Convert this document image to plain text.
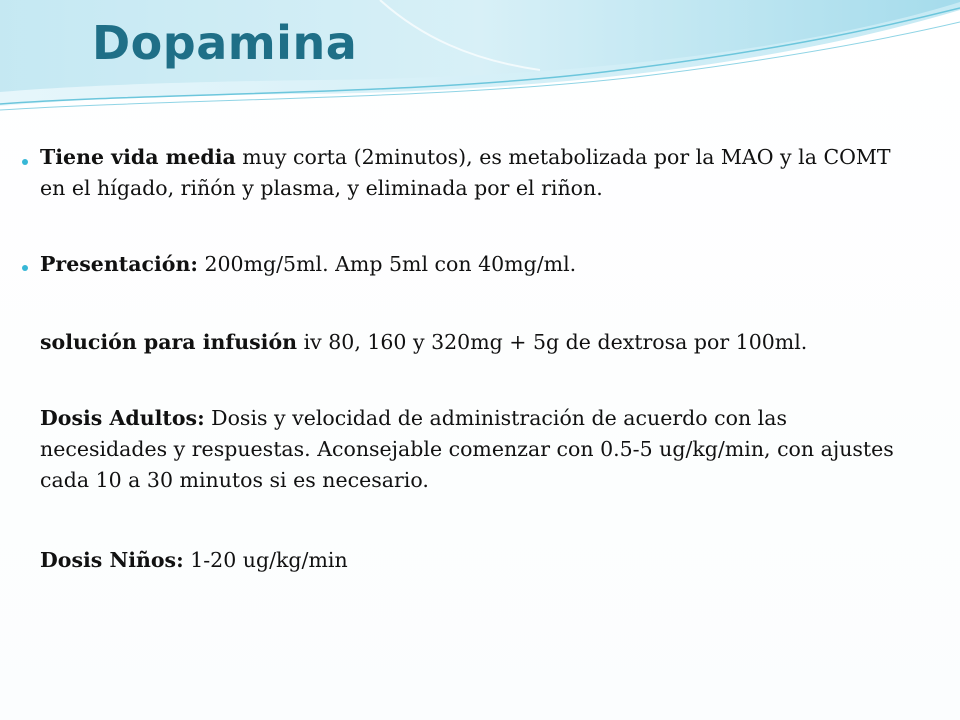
Dopamina

Tiene vida media muy corta (2minutos), es metabolizada por la MAO y la COMT en el hígado, riñón y plasma, y eliminada por el riñon.

Presentación: 200mg/5ml. Amp 5ml con 40mg/ml.

solución para infusión iv 80, 160 y 320mg + 5g de dextrosa por 100ml.

Dosis Adultos: Dosis y velocidad de administración de acuerdo con las necesidades y respuestas. Aconsejable comenzar con 0.5-5 ug/kg/min, con ajustes cada 10 a 30 minutos si es necesario.

Dosis Niños: 1-20 ug/kg/min
